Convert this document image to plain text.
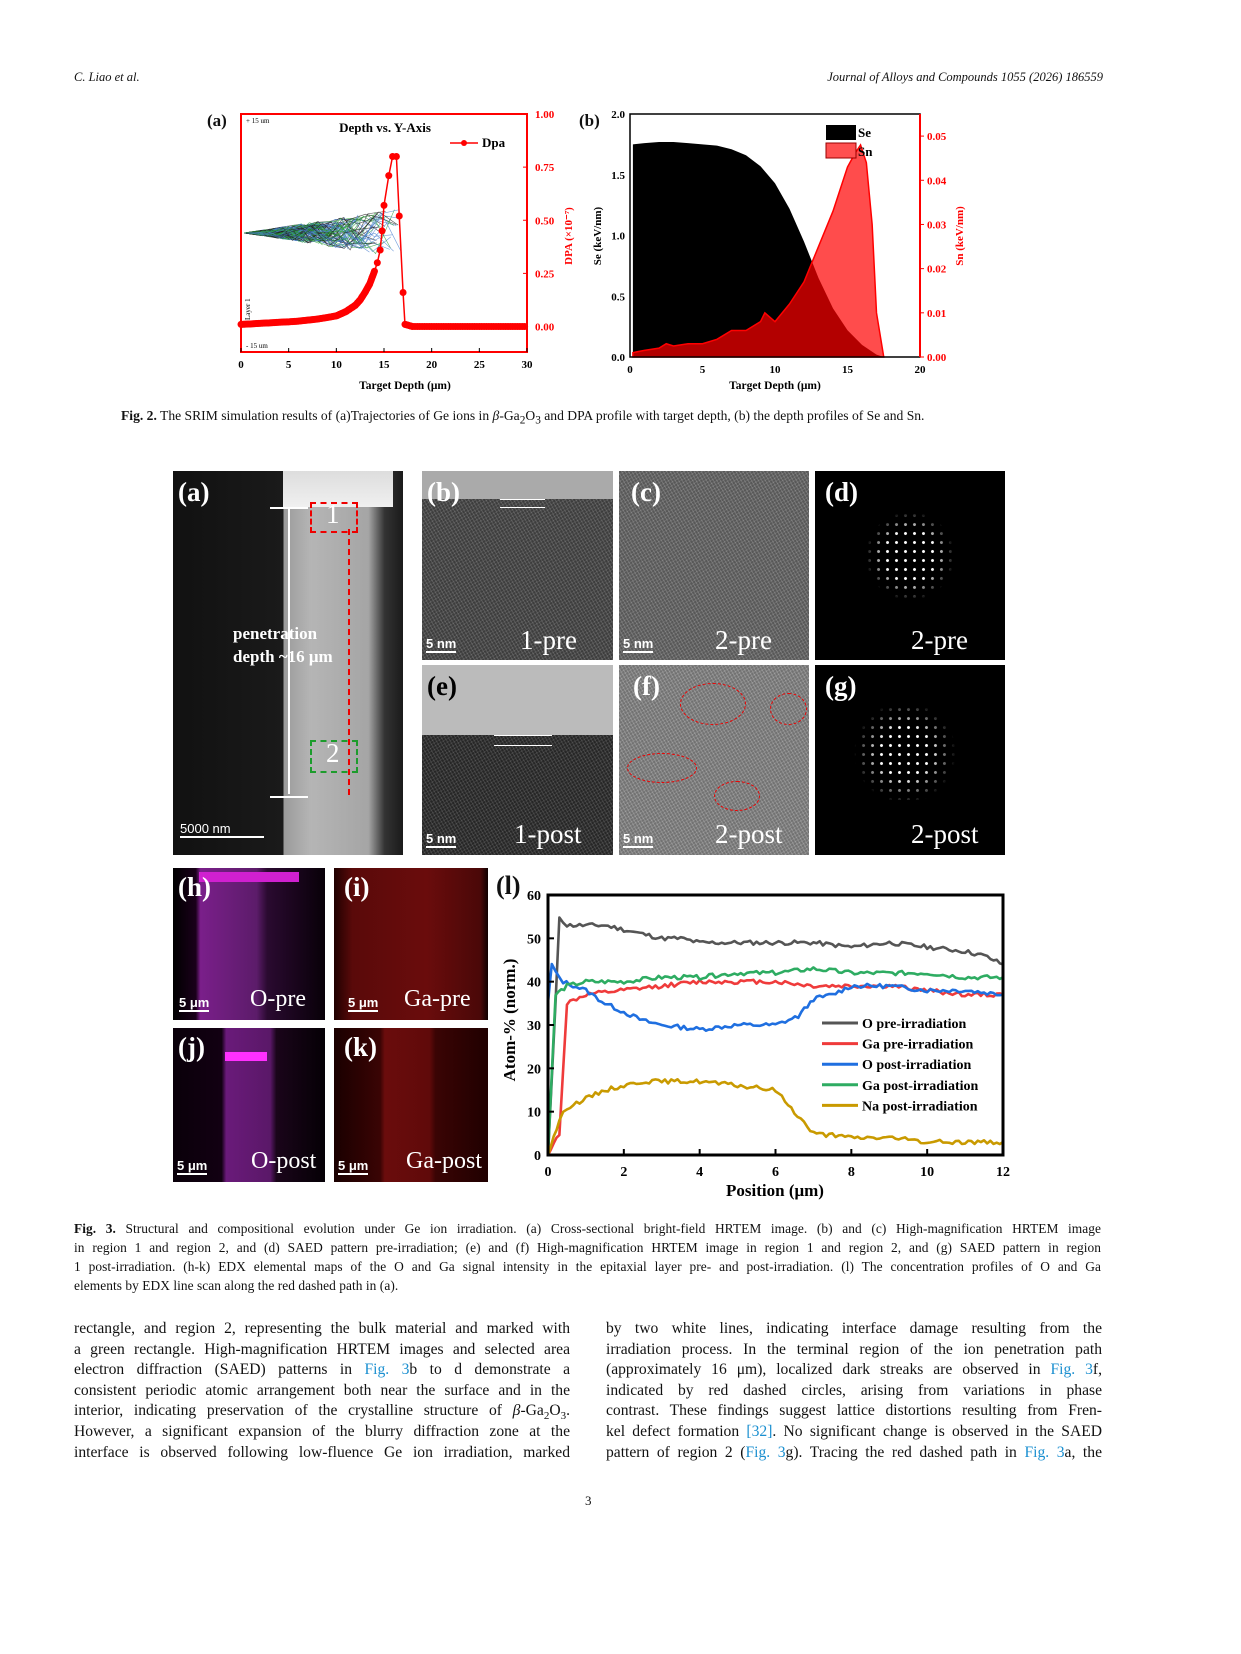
C. Liao et al.	Journal of Alloys and Compounds 1055 (2026) 186559
(a)	(b)
0	5	10	15	20	25	30
0.00
0.25
0.50
0.75
1.00
Depth vs. Y-Axis
+ 15 um
- 15 um
Layer 1
Target Depth (μm)
DPA (×10⁻⁷)
Dpa
0	5	10	15	20
0.0
0.5
1.0
1.5
2.0
0.00
0.01
0.02
0.03
0.04
0.05
Target Depth (μm)
Se (keV/nm)	Sn (keV/nm)
Se
Sn
Fig. 2. The SRIM simulation results of (a)Trajectories of Ge ions in $\beta-Ga_2O_3$ and DPA profile with target depth, (b) the depth profiles of Se and Sn.
(a)
1
2
penetration
depth ~16 μm
5000 nm
(b)
5 nm 1-pre
(c)
5 nm 2-pre
(d)
2-pre
(e)
5 nm 1-post
(f)
5 nm 2-post
(g)
2-post
(h)
5 μm O-pre
(i)
5 μm Ga-pre
(j)
5 μm O-post
(k)
5 μm Ga-post
(l)
0	2	4	6	8	10	12
0
10
20
30
40
50
60
Position (μm)
Atom-% (norm.)	O pre-irradiation
Ga pre-irradiation
O post-irradiation
Ga post-irradiation
Na post-irradiation
Fig. 3. Structural and compositional evolution under Ge ion irradiation. (a) Cross-sectional bright-field HRTEM image. (b) and (c) High-magnification HRTEM image
in region 1 and region 2, and (d) SAED pattern pre-irradiation; (e) and (f) High-magnification HRTEM image in region 1 and region 2, and (g) SAED pattern in region
1 post-irradiation. (h-k) EDX elemental maps of the O and Ga signal intensity in the epitaxial layer pre- and post-irradiation. (l) The concentration profiles of O and Ga
elements by EDX line scan along the red dashed path in (a).
rectangle, and region 2, representing the bulk material and marked with
a green rectangle. High-magnification HRTEM images and selected area
electron diffraction (SAED) patterns in Fig. 3b to d demonstrate a
consistent periodic atomic arrangement both near the surface and in the
interior, indicating preservation of the crystalline structure of $\beta-Ga_2O_3$.
However, a significant expansion of the blurry diffraction zone at the
interface is observed following low-fluence Ge ion irradiation, marked
by two white lines, indicating interface damage resulting from the
irradiation process. In the terminal region of the ion penetration path
(approximately 16 μm), localized dark streaks are observed in Fig. 3f,
indicated by red dashed circles, arising from variations in phase
contrast. These findings suggest lattice distortions resulting from Fren-
kel defect formation [32]. No significant change is observed in the SAED
pattern of region 2 (Fig. 3g). Tracing the red dashed path in Fig. 3a, the
3
